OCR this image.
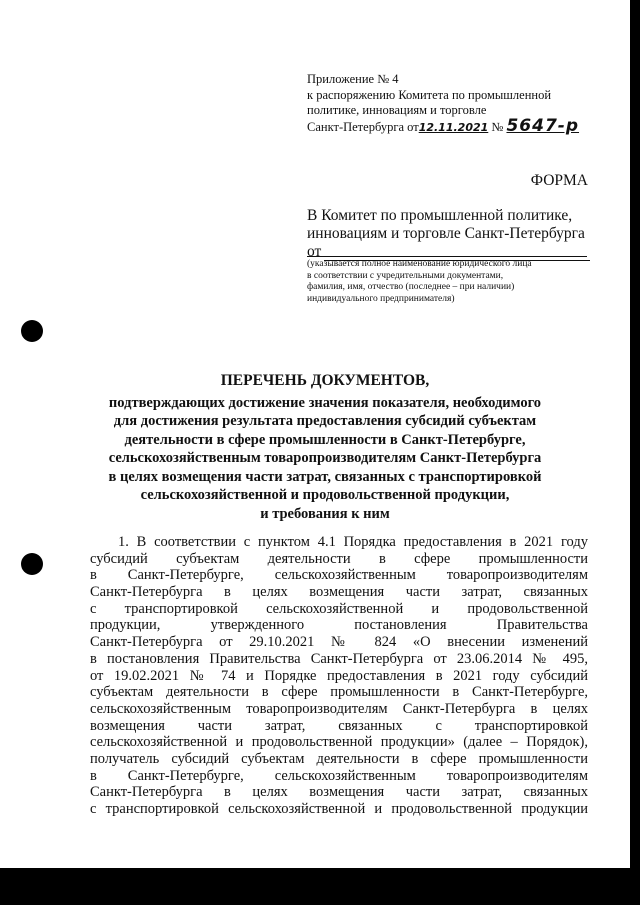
Приложение № 4
к распоряжению Комитета по промышленной
политике, инновациям и торговле
Санкт-Петербурга от12.11.2021 № 5647-р
ФОРМА
В Комитет по промышленной политике,
инновациям и торговле Санкт-Петербурга
от
(указывается полное наименование юридического лица
в соответствии с учредительными документами,
фамилия, имя, отчество (последнее – при наличии)
индивидуального предпринимателя)
ПЕРЕЧЕНЬ ДОКУМЕНТОВ,
подтверждающих достижение значения показателя, необходимого
для достижения результата предоставления субсидий субъектам
деятельности в сфере промышленности в Санкт-Петербурге,
сельскохозяйственным товаропроизводителям Санкт-Петербурга
в целях возмещения части затрат, связанных с транспортировкой
сельскохозяйственной и продовольственной продукции,
и требования к ним
1. В соответствии с пунктом 4.1 Порядка предоставления в 2021 году
субсидий субъектам деятельности в сфере промышленности
в Санкт-Петербурге, сельскохозяйственным товаропроизводителям
Санкт-Петербурга в целях возмещения части затрат, связанных
с транспортировкой сельскохозяйственной и продовольственной
продукции, утвержденного постановления Правительства
Санкт-Петербурга от 29.10.2021 № 824 «О внесении изменений
в постановления Правительства Санкт-Петербурга от 23.06.2014 № 495,
от 19.02.2021 № 74 и Порядке предоставления в 2021 году субсидий
субъектам деятельности в сфере промышленности в Санкт-Петербурге,
сельскохозяйственным товаропроизводителям Санкт-Петербурга в целях
возмещения части затрат, связанных с транспортировкой
сельскохозяйственной и продовольственной продукции» (далее – Порядок),
получатель субсидий субъектам деятельности в сфере промышленности
в Санкт-Петербурге, сельскохозяйственным товаропроизводителям
Санкт-Петербурга в целях возмещения части затрат, связанных
с транспортировкой сельскохозяйственной и продовольственной продукции
